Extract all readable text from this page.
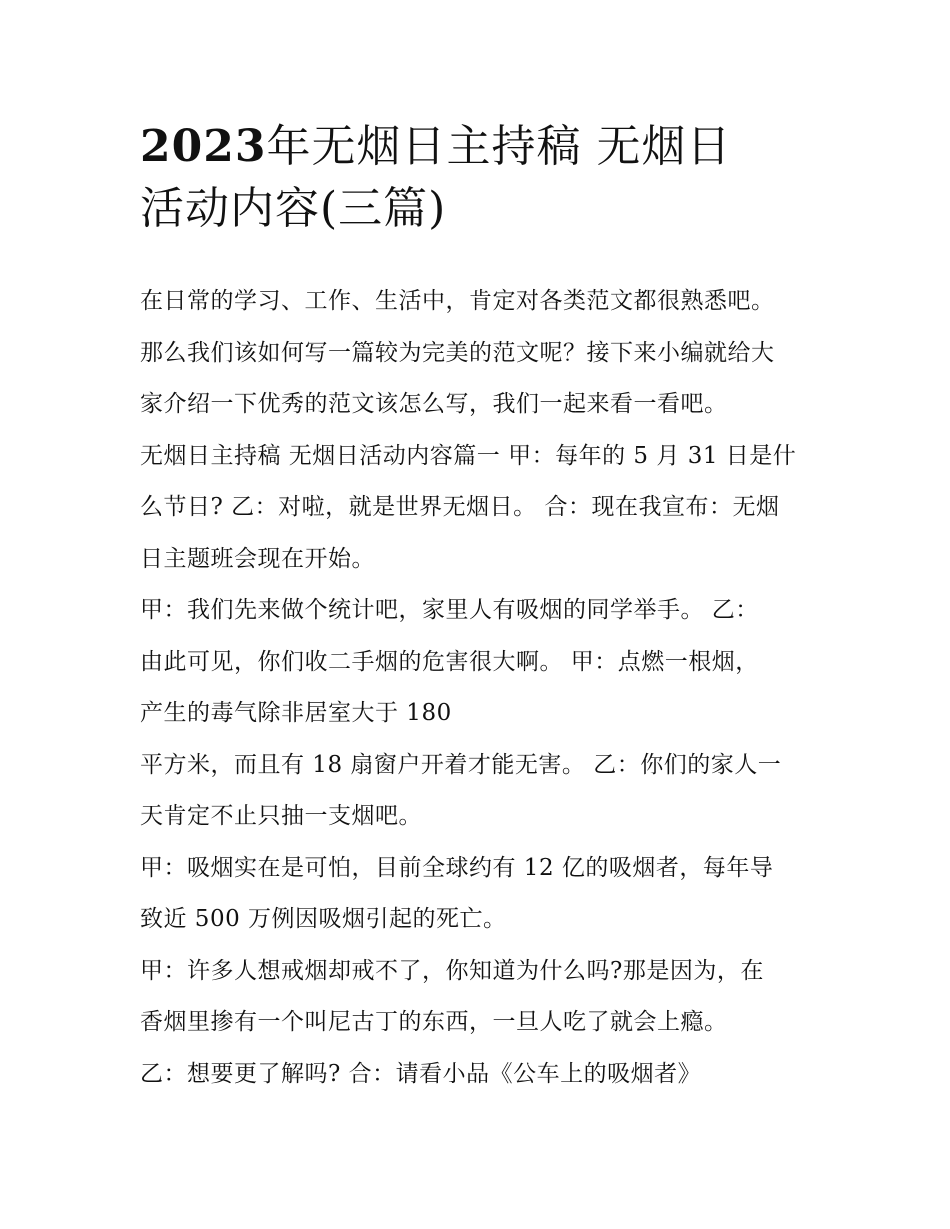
2023年无烟日主持稿 无烟日
活动内容(三篇)
在日常的学习、工作、生活中，肯定对各类范文都很熟悉吧。
那么我们该如何写一篇较为完美的范文呢？接下来小编就给大
家介绍一下优秀的范文该怎么写，我们一起来看一看吧。
无烟日主持稿 无烟日活动内容篇一 甲：每年的 5 月 31 日是什
么节日? 乙：对啦，就是世界无烟日。 合：现在我宣布：无烟
日主题班会现在开始。
甲：我们先来做个统计吧，家里人有吸烟的同学举手。 乙：
由此可见，你们收二手烟的危害很大啊。 甲：点燃一根烟，
产生的毒气除非居室大于 180
平方米，而且有 18 扇窗户开着才能无害。 乙：你们的家人一
天肯定不止只抽一支烟吧。
甲：吸烟实在是可怕，目前全球约有 12 亿的吸烟者，每年导
致近 500 万例因吸烟引起的死亡。
甲：许多人想戒烟却戒不了，你知道为什么吗?那是因为，在
香烟里掺有一个叫尼古丁的东西，一旦人吃了就会上瘾。
乙：想要更了解吗? 合：请看小品《公车上的吸烟者》
